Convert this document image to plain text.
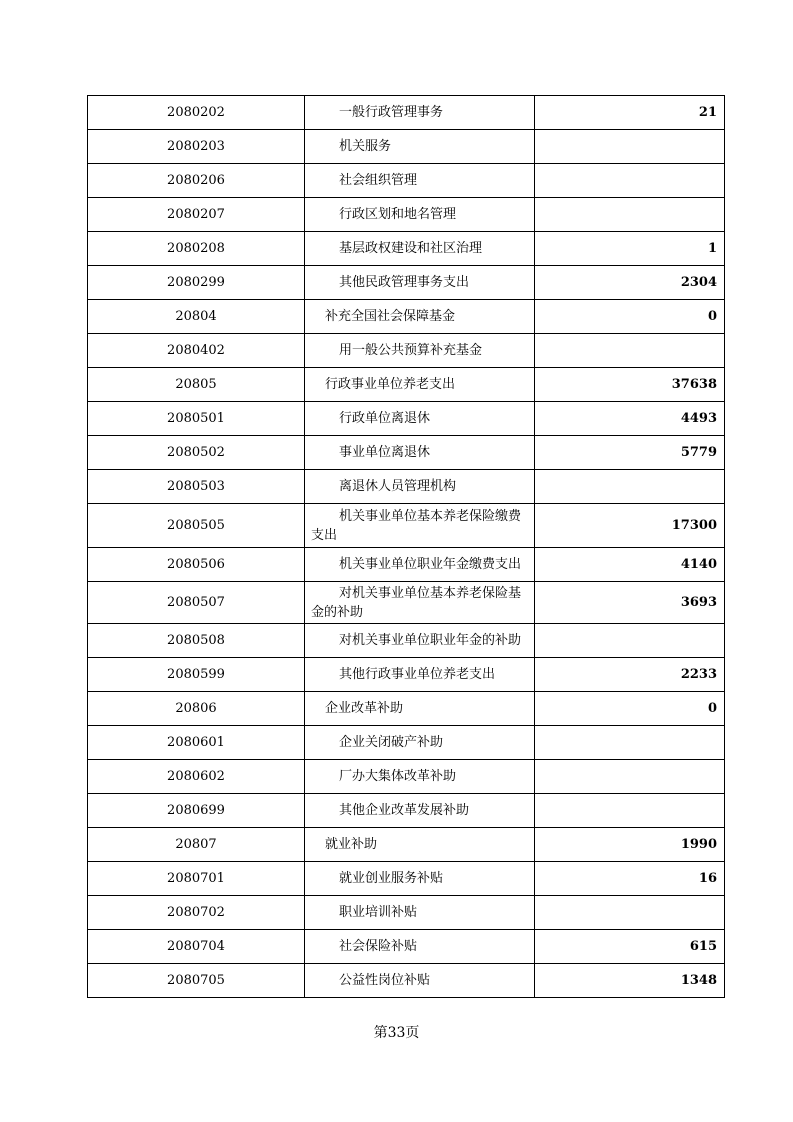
2080202	一般行政管理事务	21
2080203	机关服务	
2080206	社会组织管理	
2080207	行政区划和地名管理	
2080208	基层政权建设和社区治理	1
2080299	其他民政管理事务支出	2304
20804	补充全国社会保障基金	0
2080402	用一般公共预算补充基金	
20805	行政事业单位养老支出	37638
2080501	行政单位离退休	4493
2080502	事业单位离退休	5779
2080503	离退休人员管理机构	
2080505	机关事业单位基本养老保险缴费支出	17300
2080506	机关事业单位职业年金缴费支出	4140
2080507	对机关事业单位基本养老保险基金的补助	3693
2080508	对机关事业单位职业年金的补助	
2080599	其他行政事业单位养老支出	2233
20806	企业改革补助	0
2080601	企业关闭破产补助	
2080602	厂办大集体改革补助	
2080699	其他企业改革发展补助	
20807	就业补助	1990
2080701	就业创业服务补贴	16
2080702	职业培训补贴	
2080704	社会保险补贴	615
2080705	公益性岗位补贴	1348
第33页
